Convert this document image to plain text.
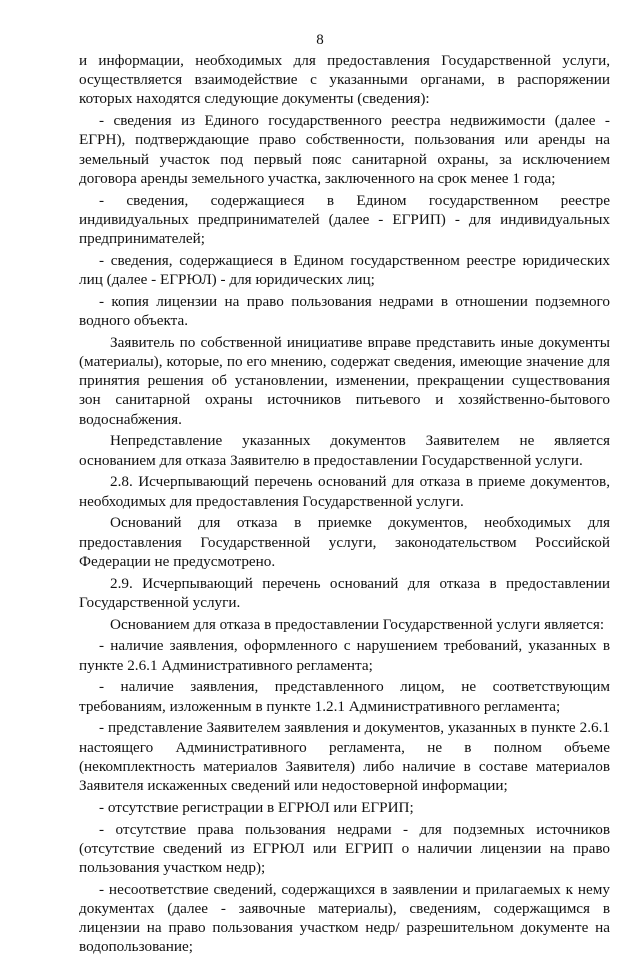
8

и информации, необходимых для предоставления Государственной услуги, осуществляется взаимодействие с указанными органами, в распоряжении которых находятся следующие документы (сведения):

- сведения из Единого государственного реестра недвижимости (далее - ЕГРН), подтверждающие право собственности, пользования или аренды на земельный участок под первый пояс санитарной охраны, за исключением договора аренды земельного участка, заключенного на срок менее 1 года;

- сведения, содержащиеся в Едином государственном реестре индивидуальных предпринимателей (далее - ЕГРИП) - для индивидуальных предпринимателей;

- сведения, содержащиеся в Едином государственном реестре юридических лиц (далее - ЕГРЮЛ) - для юридических лиц;

- копия лицензии на право пользования недрами в отношении подземного водного объекта.

Заявитель по собственной инициативе вправе представить иные документы (материалы), которые, по его мнению, содержат сведения, имеющие значение для принятия решения об установлении, изменении, прекращении существования зон санитарной охраны источников питьевого и хозяйственно-бытового водоснабжения.

Непредставление указанных документов Заявителем не является основанием для отказа Заявителю в предоставлении Государственной услуги.

2.8. Исчерпывающий перечень оснований для отказа в приеме документов, необходимых для предоставления Государственной услуги.

Оснований для отказа в приемке документов, необходимых для предоставления Государственной услуги, законодательством Российской Федерации не предусмотрено.

2.9. Исчерпывающий перечень оснований для отказа в предоставлении Государственной услуги.

Основанием для отказа в предоставлении Государственной услуги является:

- наличие заявления, оформленного с нарушением требований, указанных в пункте 2.6.1 Административного регламента;

- наличие заявления, представленного лицом, не соответствующим требованиям, изложенным в пункте 1.2.1 Административного регламента;

- представление Заявителем заявления и документов, указанных в пункте 2.6.1 настоящего Административного регламента, не в полном объеме (некомплектность материалов Заявителя) либо наличие в составе материалов Заявителя искаженных сведений или недостоверной информации;

- отсутствие регистрации в ЕГРЮЛ или ЕГРИП;

- отсутствие права пользования недрами - для подземных источников (отсутствие сведений из ЕГРЮЛ или ЕГРИП о наличии лицензии на право пользования участком недр);

- несоответствие сведений, содержащихся в заявлении и прилагаемых к нему документах (далее - заявочные материалы), сведениям, содержащимся в лицензии на право пользования участком недр/ разрешительном документе на водопользование;
